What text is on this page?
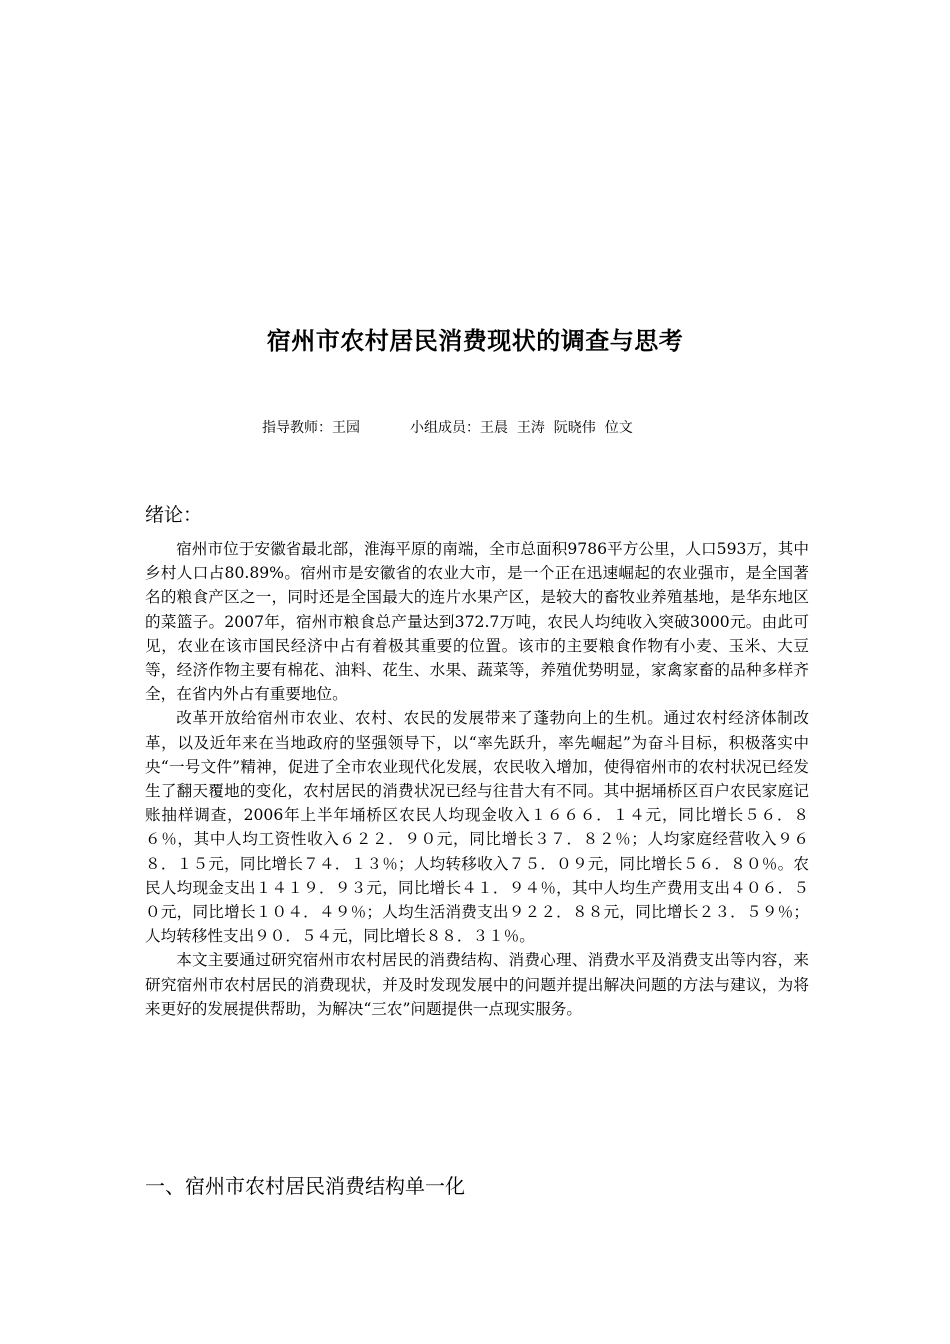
宿州市农村居民消费现状的调查与思考
指导教师：王园	小组成员：王晨  王涛  阮晓伟  位文
绪论：

宿州市位于安徽省最北部，淮海平原的南端，全市总面积9786平方公里，人口593万，其中乡村人口占80.89%。宿州市是安徽省的农业大市，是一个正在迅速崛起的农业强市，是全国著名的粮食产区之一，同时还是全国最大的连片水果产区，是较大的畜牧业养殖基地，是华东地区的菜篮子。2007年，宿州市粮食总产量达到372.7万吨，农民人均纯收入突破3000元。由此可见，农业在该市国民经济中占有着极其重要的位置。该市的主要粮食作物有小麦、玉米、大豆等，经济作物主要有棉花、油料、花生、水果、蔬菜等，养殖优势明显，家禽家畜的品种多样齐全，在省内外占有重要地位。

改革开放给宿州市农业、农村、农民的发展带来了蓬勃向上的生机。通过农村经济体制改革，以及近年来在当地政府的坚强领导下，以“率先跃升，率先崛起”为奋斗目标，积极落实中央“一号文件”精神，促进了全市农业现代化发展，农民收入增加，使得宿州市的农村状况已经发生了翻天覆地的变化，农村居民的消费状况已经与往昔大有不同。其中据埇桥区百户农民家庭记账抽样调查，2006年上半年埇桥区农民人均现金收入１６６６．１４元，同比增长５６．８６％，其中人均工资性收入６２２．９０元，同比增长３７．８２％；人均家庭经营收入９６８．１５元，同比增长７４．１３％；人均转移收入７５．０９元，同比增长５６．８０％。农民人均现金支出１４１９．９３元，同比增长４１．９４％，其中人均生产费用支出４０６．５０元，同比增长１０４．４９％；人均生活消费支出９２２．８８元，同比增长２３．５９％；人均转移性支出９０．５４元，同比增长８８．３１％。

本文主要通过研究宿州市农村居民的消费结构、消费心理、消费水平及消费支出等内容，来研究宿州市农村居民的消费现状，并及时发现发展中的问题并提出解决问题的方法与建议，为将来更好的发展提供帮助，为解决“三农”问题提供一点现实服务。

一、宿州市农村居民消费结构单一化
